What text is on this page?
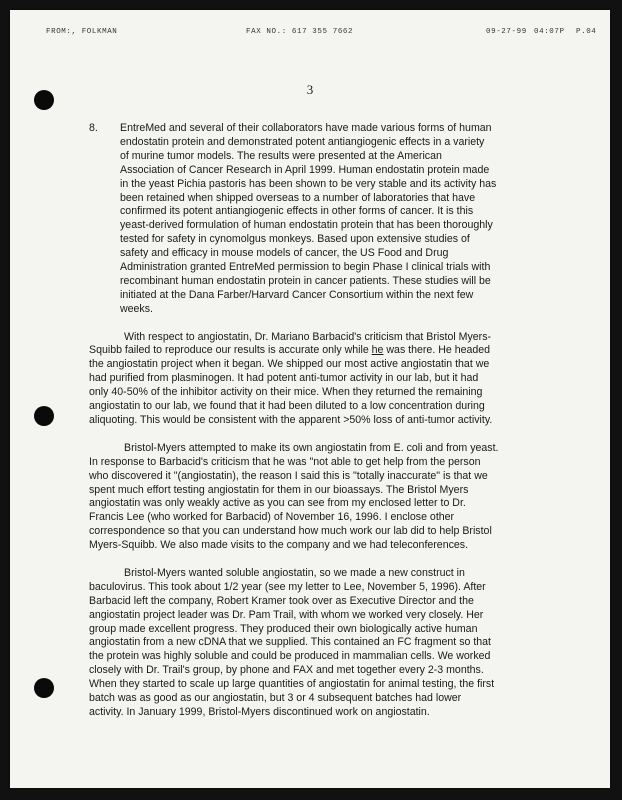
FROM:, FOLKMAN	FAX NO.: 617 355 7662	09-27-99 04:07P P.04
3
8. EntreMed and several of their collaborators have made various forms of human
endostatin protein and demonstrated potent antiangiogenic effects in a variety
of murine tumor models. The results were presented at the American
Association of Cancer Research in April 1999. Human endostatin protein made
in the yeast Pichia pastoris has been shown to be very stable and its activity has
been retained when shipped overseas to a number of laboratories that have
confirmed its potent antiangiogenic effects in other forms of cancer. It is this
yeast-derived formulation of human endostatin protein that has been thoroughly
tested for safety in cynomolgus monkeys. Based upon extensive studies of
safety and efficacy in mouse models of cancer, the US Food and Drug
Administration granted EntreMed permission to begin Phase I clinical trials with
recombinant human endostatin protein in cancer patients. These studies will be
initiated at the Dana Farber/Harvard Cancer Consortium within the next few
weeks.
With respect to angiostatin, Dr. Mariano Barbacid's criticism that Bristol Myers-
Squibb failed to reproduce our results is accurate only while he was there. He headed
the angiostatin project when it began. We shipped our most active angiostatin that we
had purified from plasminogen. It had potent anti-tumor activity in our lab, but it had
only 40-50% of the inhibitor activity on their mice. When they returned the remaining
angiostatin to our lab, we found that it had been diluted to a low concentration during
aliquoting. This would be consistent with the apparent >50% loss of anti-tumor activity.
Bristol-Myers attempted to make its own angiostatin from E. coli and from yeast.
In response to Barbacid's criticism that he was "not able to get help from the person
who discovered it "(angiostatin), the reason I said this is "totally inaccurate" is that we
spent much effort testing angiostatin for them in our bioassays. The Bristol Myers
angiostatin was only weakly active as you can see from my enclosed letter to Dr.
Francis Lee (who worked for Barbacid) of November 16, 1996. I enclose other
correspondence so that you can understand how much work our lab did to help Bristol
Myers-Squibb. We also made visits to the company and we had teleconferences.
Bristol-Myers wanted soluble angiostatin, so we made a new construct in
baculovirus. This took about 1/2 year (see my letter to Lee, November 5, 1996). After
Barbacid left the company, Robert Kramer took over as Executive Director and the
angiostatin project leader was Dr. Pam Trail, with whom we worked very closely. Her
group made excellent progress. They produced their own biologically active human
angiostatin from a new cDNA that we supplied. This contained an FC fragment so that
the protein was highly soluble and could be produced in mammalian cells. We worked
closely with Dr. Trail's group, by phone and FAX and met together every 2-3 months.
When they started to scale up large quantities of angiostatin for animal testing, the first
batch was as good as our angiostatin, but 3 or 4 subsequent batches had lower
activity. In January 1999, Bristol-Myers discontinued work on angiostatin.
